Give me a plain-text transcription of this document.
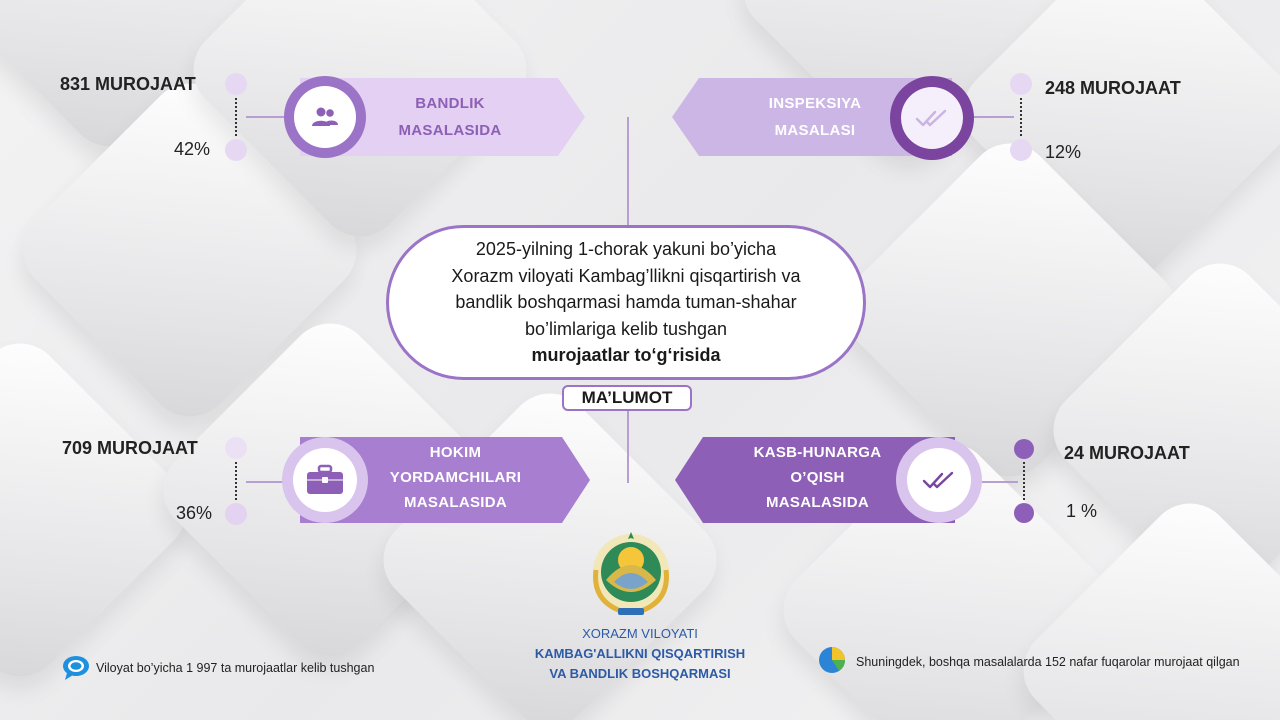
831 MUROJAAT
42%
BANDLIK
MASALASIDA
INSPEKSIYA
MASALASI
248 MUROJAAT
12%
2025-yilning 1-chorak yakuni bo’yicha
Xorazm viloyati Kambag’llikni qisqartirish va
bandlik boshqarmasi hamda tuman-shahar
bo’limlariga kelib tushgan
murojaatlar to‘g‘risida
MA’LUMOT
709 MUROJAAT
36%
HOKIM
YORDAMCHILARI
MASALASIDA
KASB-HUNARGA
O’QISH
MASALASIDA
24 MUROJAAT
1 %
XORAZM VILOYATI
KAMBAG'ALLIKNI QISQARTIRISH
VA BANDLIK BOSHQARMASI
Viloyat bo’yicha 1 997 ta murojaatlar kelib tushgan	Shuningdek, boshqa masalalarda 152 nafar fuqarolar murojaat qilgan
